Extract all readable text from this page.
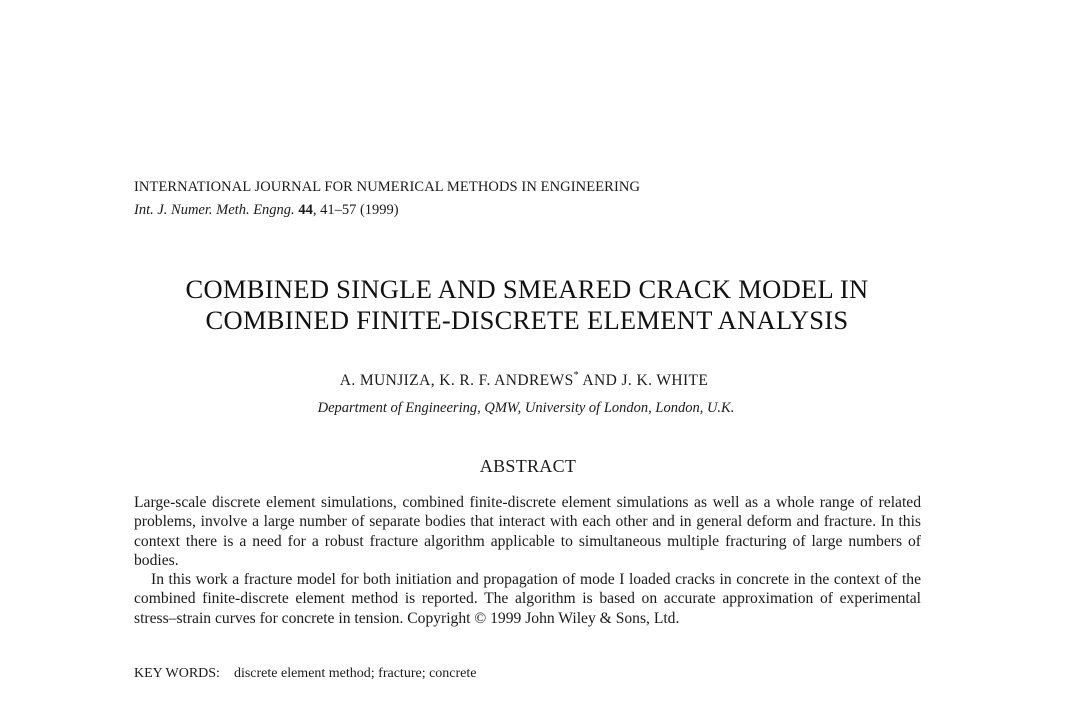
INTERNATIONAL JOURNAL FOR NUMERICAL METHODS IN ENGINEERING
Int. J. Numer. Meth. Engng. 44, 41–57 (1999)
COMBINED SINGLE AND SMEARED CRACK MODEL IN
COMBINED FINITE-DISCRETE ELEMENT ANALYSIS
A. MUNJIZA, K. R. F. ANDREWS* AND J. K. WHITE
Department of Engineering, QMW, University of London, London, U.K.
ABSTRACT

Large-scale discrete element simulations, combined finite-discrete element simulations as well as a whole range of related problems, involve a large number of separate bodies that interact with each other and in general deform and fracture. In this context there is a need for a robust fracture algorithm applicable to simultaneous multiple fracturing of large numbers of bodies.

In this work a fracture model for both initiation and propagation of mode I loaded cracks in concrete in the context of the combined finite-discrete element method is reported. The algorithm is based on accurate approximation of experimental stress–strain curves for concrete in tension. Copyright © 1999 John Wiley & Sons, Ltd.

KEY WORDS: discrete element method; fracture; concrete
